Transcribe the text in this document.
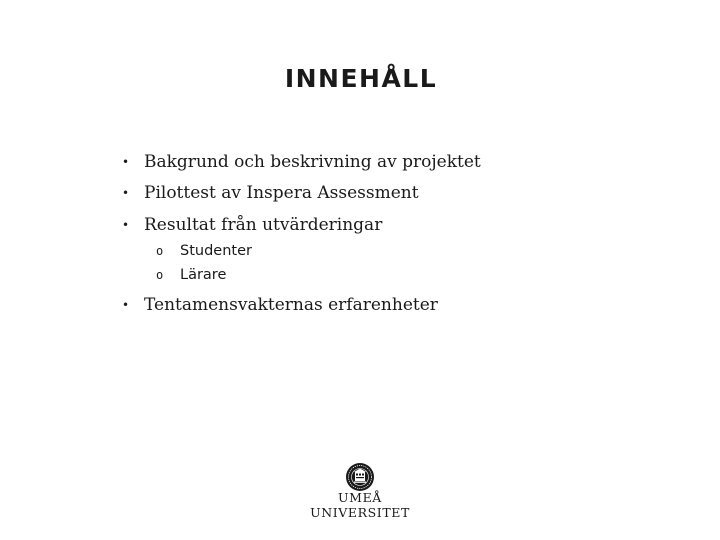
INNEHÅLL
• Bakgrund och beskrivning av projektet
• Pilottest av Inspera Assessment
• Resultat från utvärderingar
o Studenter
o Lärare
• Tentamensvakternas erfarenheter
UMEÅ UNIVERSITET
